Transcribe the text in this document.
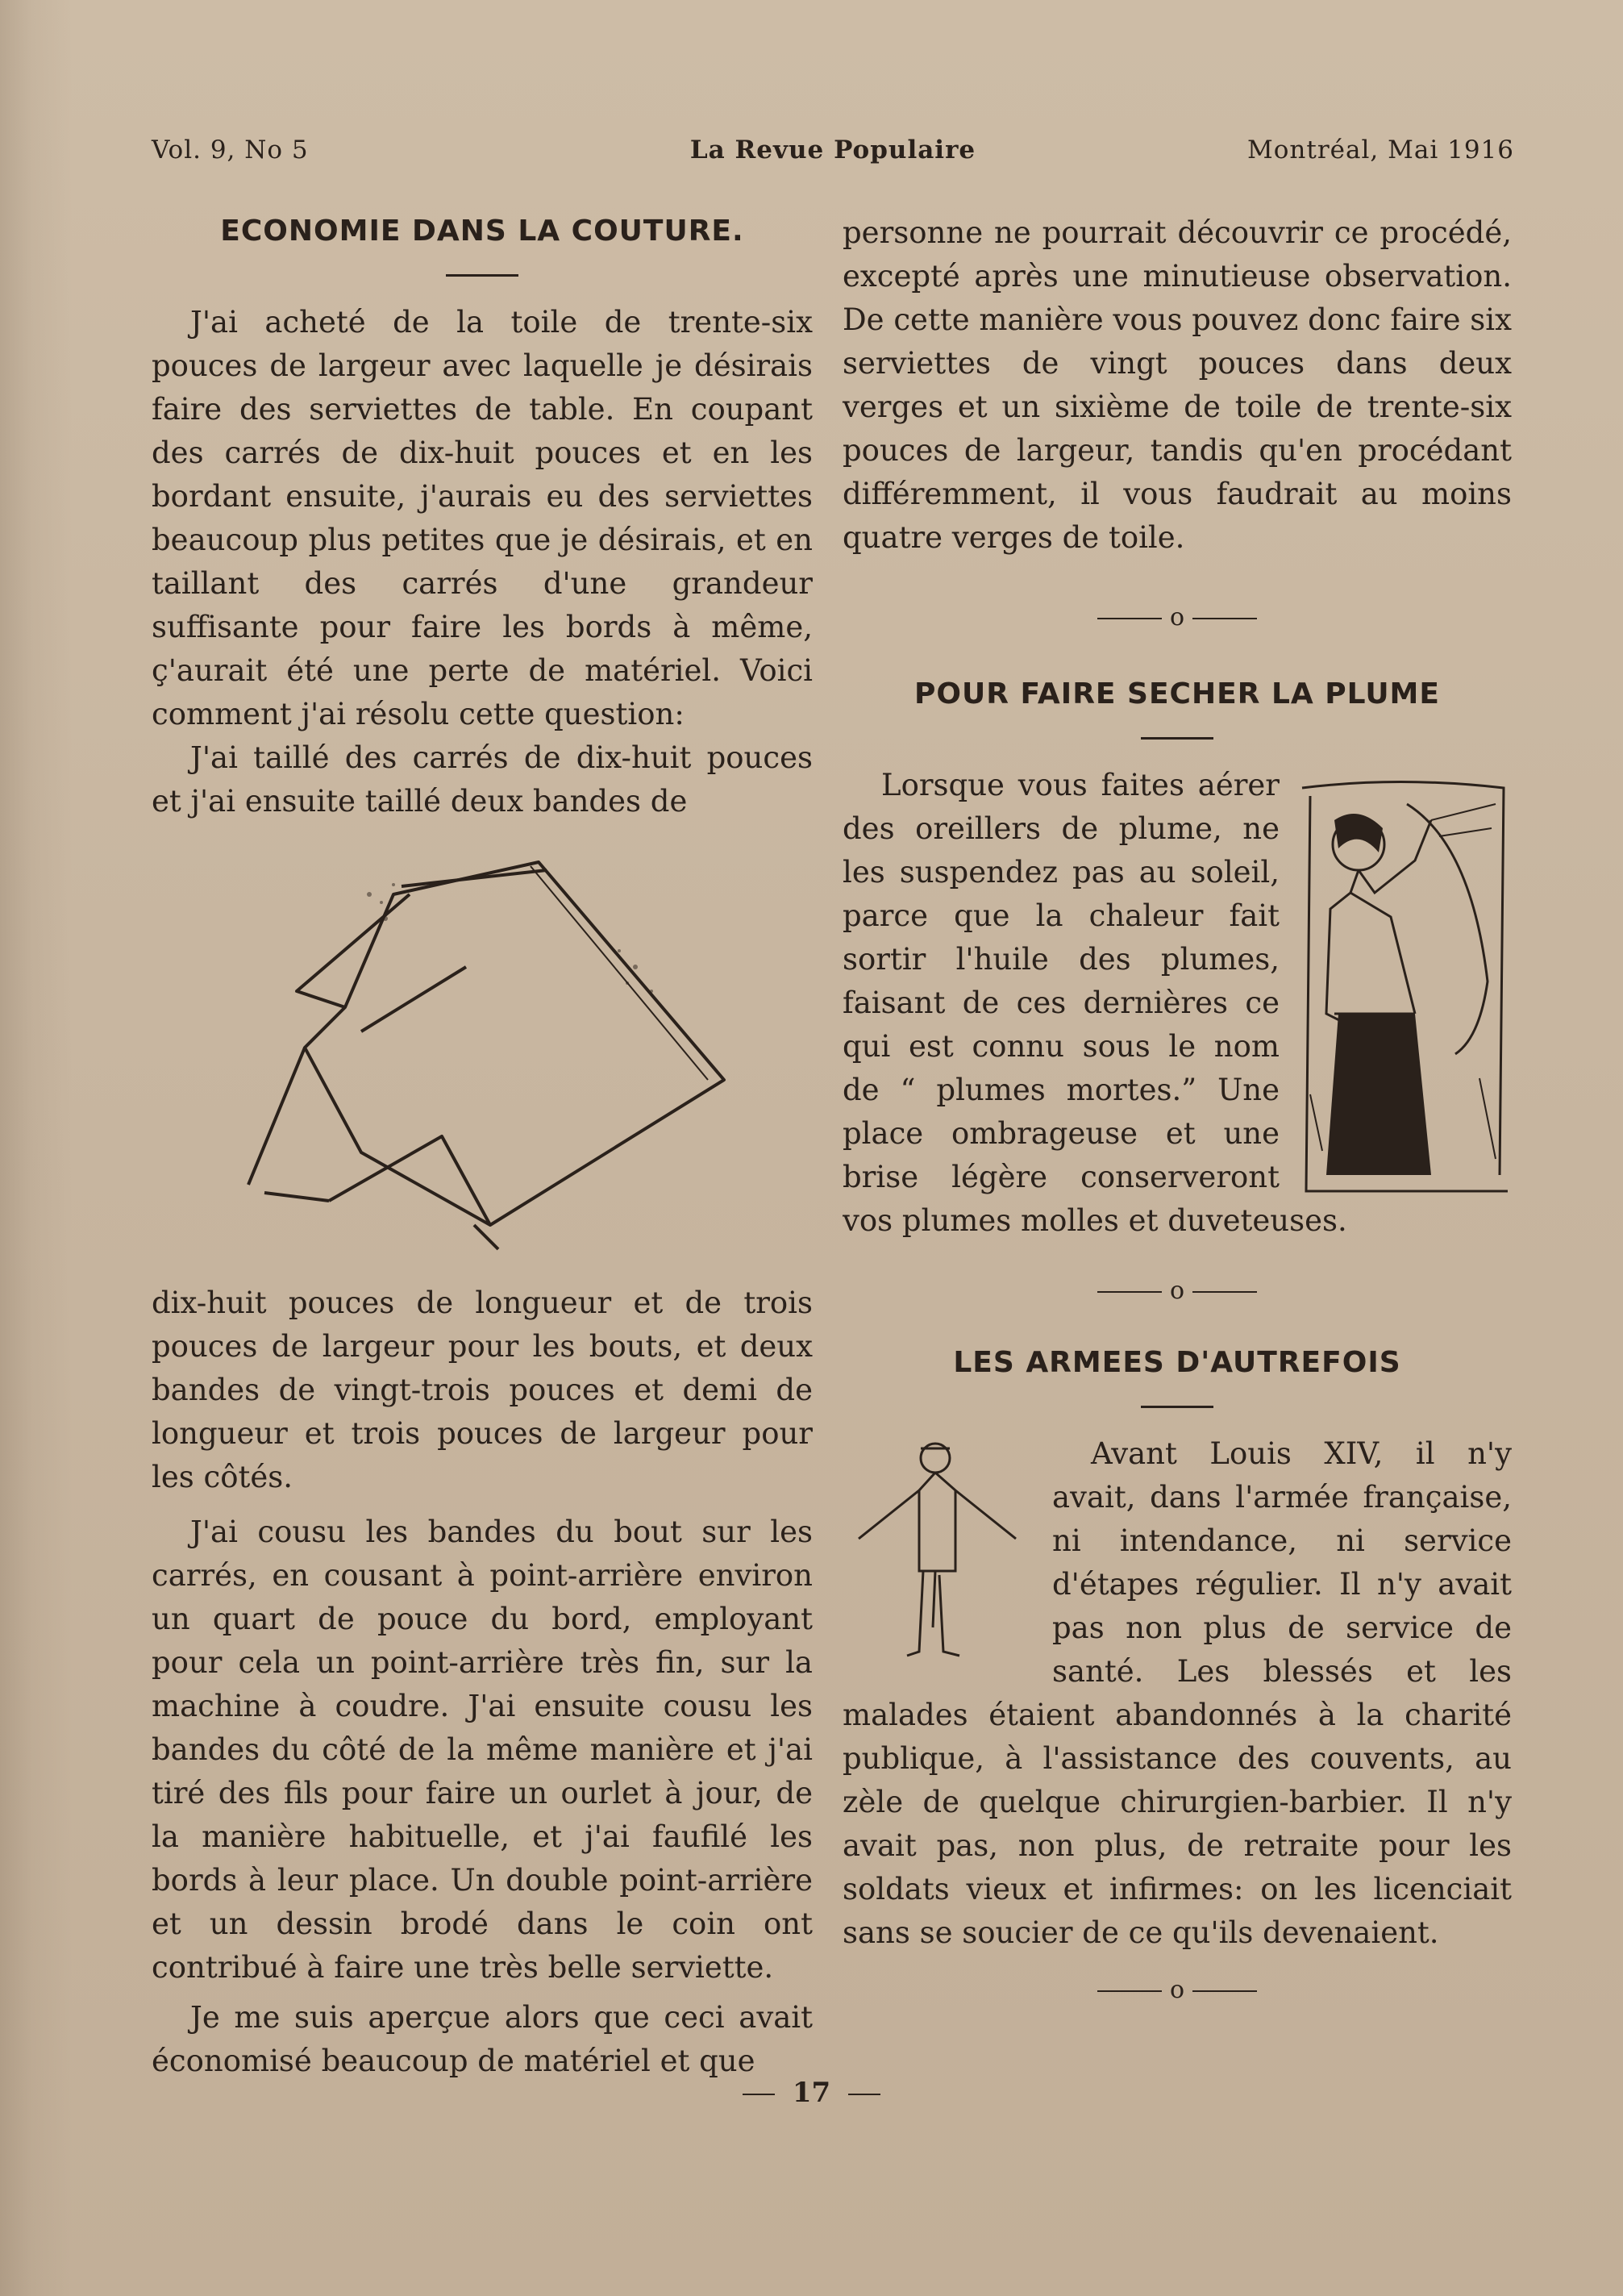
Vol. 9, No 5	La Revue Populaire	Montréal, Mai 1916
ECONOMIE DANS LA COUTURE.

J'ai acheté de la toile de trente-six pouces de largeur avec laquelle je désirais faire des serviettes de table. En coupant des carrés de dix-huit pouces et en les bordant ensuite, j'aurais eu des serviettes beaucoup plus petites que je désirais, et en taillant des carrés d'une grandeur suffisante pour faire les bords à même, ç'aurait été une perte de matériel. Voici comment j'ai résolu cette question:

J'ai taillé des carrés de dix-huit pouces et j'ai ensuite taillé deux bandes de

dix-huit pouces de longueur et de trois pouces de largeur pour les bouts, et deux bandes de vingt-trois pouces et demi de longueur et trois pouces de largeur pour les côtés.

J'ai cousu les bandes du bout sur les carrés, en cousant à point-arrière environ un quart de pouce du bord, employant pour cela un point-arrière très fin, sur la machine à coudre. J'ai ensuite cousu les bandes du côté de la même manière et j'ai tiré des fils pour faire un ourlet à jour, de la manière habituelle, et j'ai faufilé les bords à leur place. Un double point-arrière et un dessin brodé dans le coin ont contribué à faire une très belle serviette.

Je me suis aperçue alors que ceci avait économisé beaucoup de matériel et que

personne ne pourrait découvrir ce procédé, excepté après une minutieuse observation. De cette manière vous pouvez donc faire six serviettes de vingt pouces dans deux verges et un sixième de toile de trente-six pouces de largeur, tandis qu'en procédant différemment, il vous faudrait au moins quatre verges de toile.

o

POUR FAIRE SECHER LA PLUME

Lorsque vous faites aérer des oreillers de plume, ne les suspendez pas au soleil, parce que la chaleur fait sortir l'huile des plumes, faisant de ces dernières ce qui est connu sous le nom de “ plumes mortes.” Une place ombrageuse et une brise légère conserveront vos plumes molles et duveteuses.

o

LES ARMEES D'AUTREFOIS

Avant Louis XIV, il n'y avait, dans l'armée française, ni intendance, ni service d'étapes régulier. Il n'y avait pas non plus de service de santé. Les blessés et les malades étaient abandonnés à la charité publique, à l'assistance des couvents, au zèle de quelque chirurgien-barbier. Il n'y avait pas, non plus, de retraite pour les soldats vieux et infirmes: on les licenciait sans se soucier de ce qu'ils devenaient.

o

17
